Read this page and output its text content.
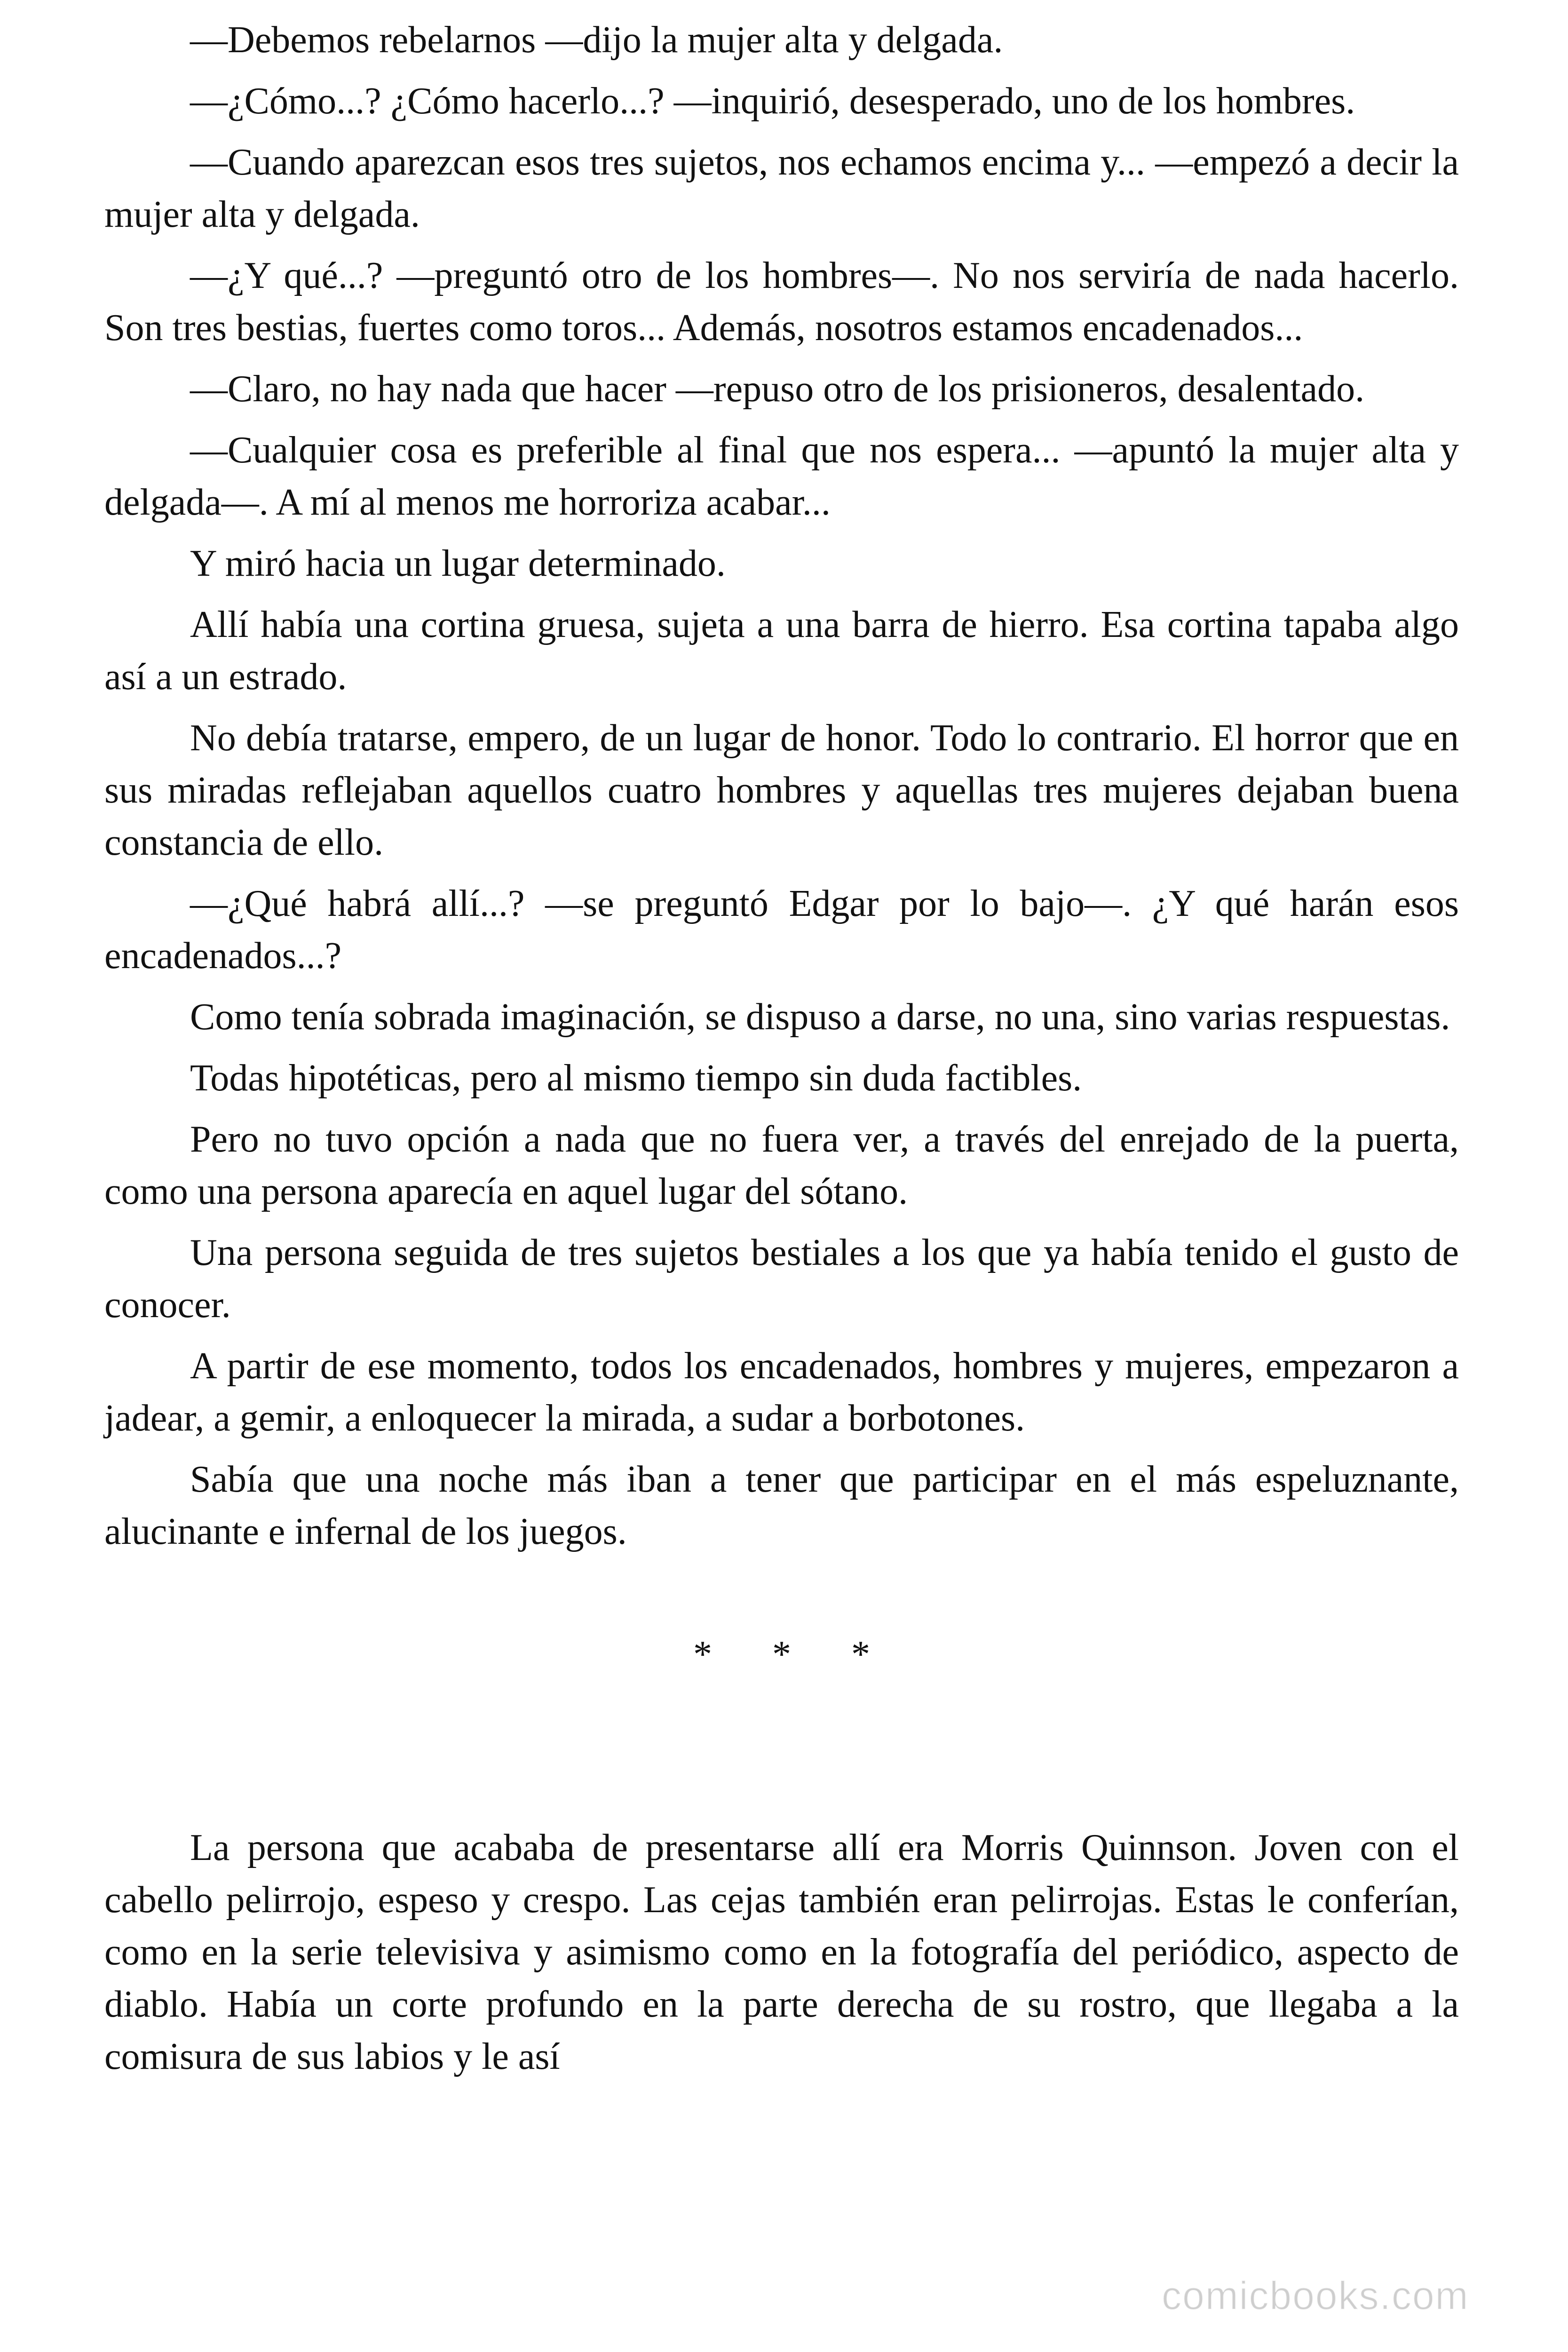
—Debemos rebelarnos —dijo la mujer alta y delgada.

—¿Cómo...? ¿Cómo hacerlo...? —inquirió, desesperado, uno de los hombres.

—Cuando aparezcan esos tres sujetos, nos echamos encima y... —empezó a decir la mujer alta y delgada.

—¿Y qué...? —preguntó otro de los hombres—. No nos serviría de nada hacerlo. Son tres bestias, fuertes como toros... Además, nosotros estamos encadenados...

—Claro, no hay nada que hacer —repuso otro de los prisioneros, desalentado.

—Cualquier cosa es preferible al final que nos espera... —apuntó la mujer alta y delgada—. A mí al menos me horroriza acabar...

Y miró hacia un lugar determinado.

Allí había una cortina gruesa, sujeta a una barra de hierro. Esa cortina tapaba algo así a un estrado.

No debía tratarse, empero, de un lugar de honor. Todo lo contrario. El horror que en sus miradas reflejaban aquellos cuatro hombres y aquellas tres mujeres dejaban buena constancia de ello.

—¿Qué habrá allí...? —se preguntó Edgar por lo bajo—. ¿Y qué harán esos encadenados...?

Como tenía sobrada imaginación, se dispuso a darse, no una, sino varias respuestas.

Todas hipotéticas, pero al mismo tiempo sin duda factibles.

Pero no tuvo opción a nada que no fuera ver, a través del enrejado de la puerta, como una persona aparecía en aquel lugar del sótano.

Una persona seguida de tres sujetos bestiales a los que ya había tenido el gusto de conocer.

A partir de ese momento, todos los encadenados, hombres y mujeres, empezaron a jadear, a gemir, a enloquecer la mirada, a sudar a borbotones.

Sabía que una noche más iban a tener que participar en el más espeluznante, alucinante e infernal de los juegos.

* * *

La persona que acababa de presentarse allí era Morris Quinnson. Joven con el cabello pelirrojo, espeso y crespo. Las cejas también eran pelirrojas. Estas le conferían, como en la serie televisiva y asimismo como en la fotografía del periódico, aspecto de diablo. Había un corte profundo en la parte derecha de su rostro, que llegaba a la comisura de sus labios y le así

comicbooks.com
